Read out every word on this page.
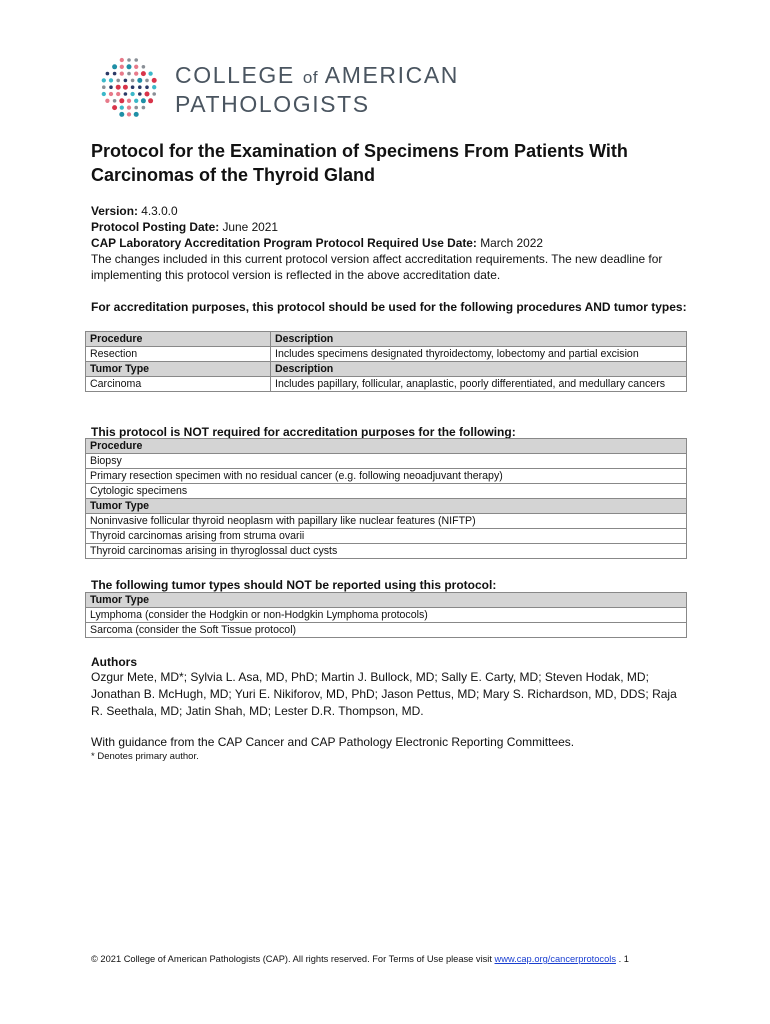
COLLEGE of AMERICAN
PATHOLOGISTS
Protocol for the Examination of Specimens From Patients With Carcinomas of the Thyroid Gland
Version: 4.3.0.0
Protocol Posting Date: June 2021
CAP Laboratory Accreditation Program Protocol Required Use Date: March 2022
The changes included in this current protocol version affect accreditation requirements. The new deadline for implementing this protocol version is reflected in the above accreditation date.
For accreditation purposes, this protocol should be used for the following procedures AND tumor types:
Procedure	Description
Resection	Includes specimens designated thyroidectomy, lobectomy and partial excision
Tumor Type	Description
Carcinoma	Includes papillary, follicular, anaplastic, poorly differentiated, and medullary cancers
This protocol is NOT required for accreditation purposes for the following:
Procedure
Biopsy
Primary resection specimen with no residual cancer (e.g. following neoadjuvant therapy)
Cytologic specimens
Tumor Type
Noninvasive follicular thyroid neoplasm with papillary like nuclear features (NIFTP)
Thyroid carcinomas arising from struma ovarii
Thyroid carcinomas arising in thyroglossal duct cysts
The following tumor types should NOT be reported using this protocol:
Tumor Type
Lymphoma (consider the Hodgkin or non-Hodgkin Lymphoma protocols)
Sarcoma (consider the Soft Tissue protocol)
Authors
Ozgur Mete, MD*; Sylvia L. Asa, MD, PhD; Martin J. Bullock, MD; Sally E. Carty, MD; Steven Hodak, MD; Jonathan B. McHugh, MD; Yuri E. Nikiforov, MD, PhD; Jason Pettus, MD; Mary S. Richardson, MD, DDS; Raja R. Seethala, MD; Jatin Shah, MD; Lester D.R. Thompson, MD.
With guidance from the CAP Cancer and CAP Pathology Electronic Reporting Committees.
* Denotes primary author.
© 2021 College of American Pathologists (CAP). All rights reserved. For Terms of Use please visit www.cap.org/cancerprotocols . 1
